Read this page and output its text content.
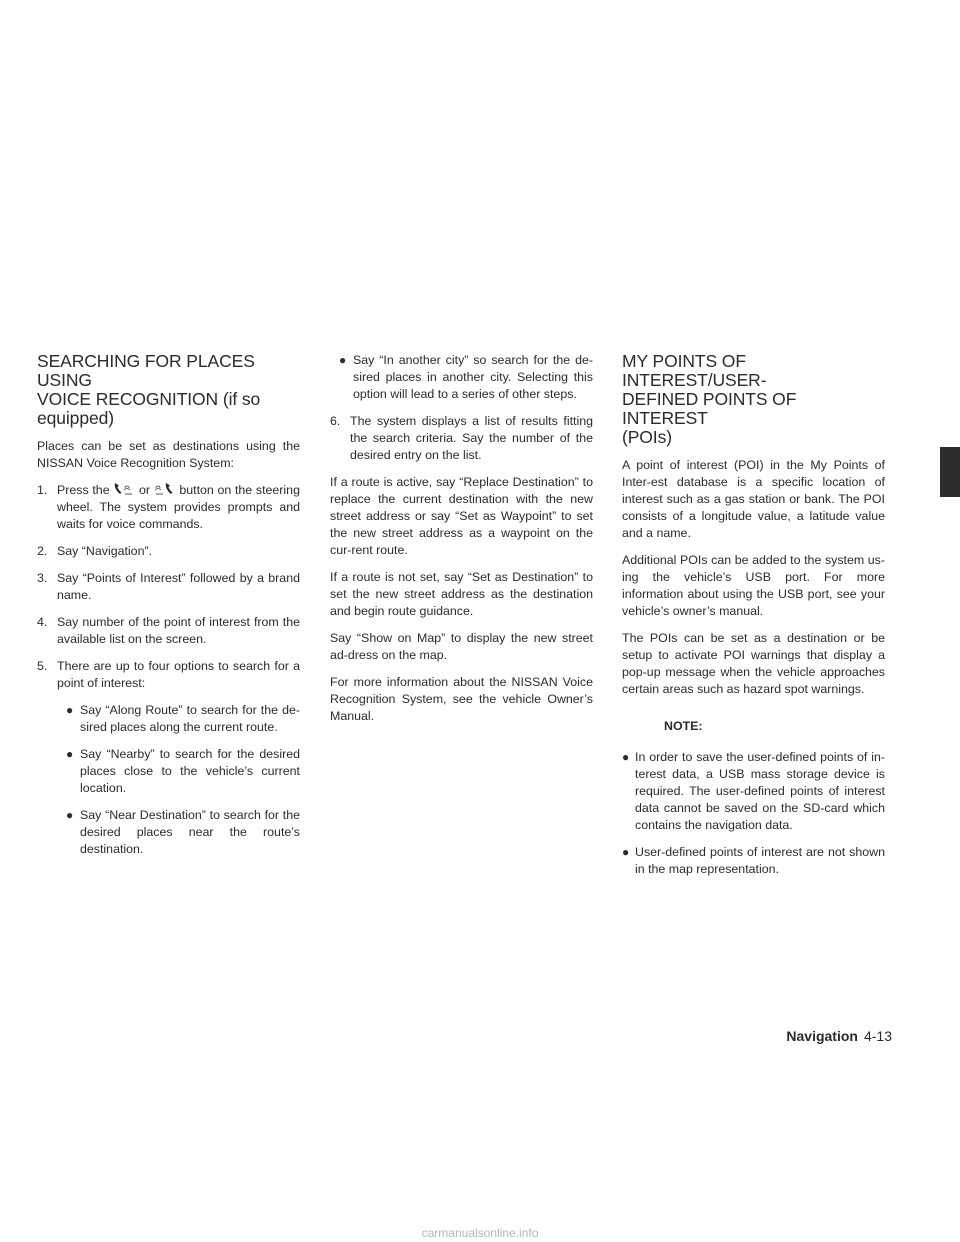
SEARCHING FOR PLACES USING
VOICE RECOGNITION (if so
equipped)

Places can be set as destinations using the NISSAN Voice Recognition System:

1. Press the or button on the steering wheel. The system provides prompts and waits for voice commands.
2. Say “Navigation”.
3. Say “Points of Interest” followed by a brand name.
4. Say number of the point of interest from the available list on the screen.
5. There are up to four options to search for a point of interest:
● Say “Along Route” to search for the de-sired places along the current route.
● Say “Nearby” to search for the desired places close to the vehicle’s current location.
● Say “Near Destination” to search for the desired places near the route’s destination.
● Say “In another city” so search for the de-sired places in another city. Selecting this option will lead to a series of other steps.
6. The system displays a list of results fitting the search criteria. Say the number of the desired entry on the list.

If a route is active, say “Replace Destination” to replace the current destination with the new street address or say “Set as Waypoint” to set the new street address as a waypoint on the cur-rent route.

If a route is not set, say “Set as Destination” to set the new street address as the destination and begin route guidance.

Say “Show on Map” to display the new street ad-dress on the map.

For more information about the NISSAN Voice Recognition System, see the vehicle Owner’s Manual.

MY POINTS OF INTEREST/USER-
DEFINED POINTS OF INTEREST
(POIs)

A point of interest (POI) in the My Points of Inter-est database is a specific location of interest such as a gas station or bank. The POI consists of a longitude value, a latitude value and a name.

Additional POIs can be added to the system us-ing the vehicle’s USB port. For more information about using the USB port, see your vehicle’s owner’s manual.

The POIs can be set as a destination or be setup to activate POI warnings that display a pop-up message when the vehicle approaches certain areas such as hazard spot warnings.

NOTE:
● In order to save the user-defined points of in-terest data, a USB mass storage device is required. The user-defined points of interest data cannot be saved on the SD-card which contains the navigation data.
● User-defined points of interest are not shown in the map representation.
Navigation 4-13
carmanualsonline.info
